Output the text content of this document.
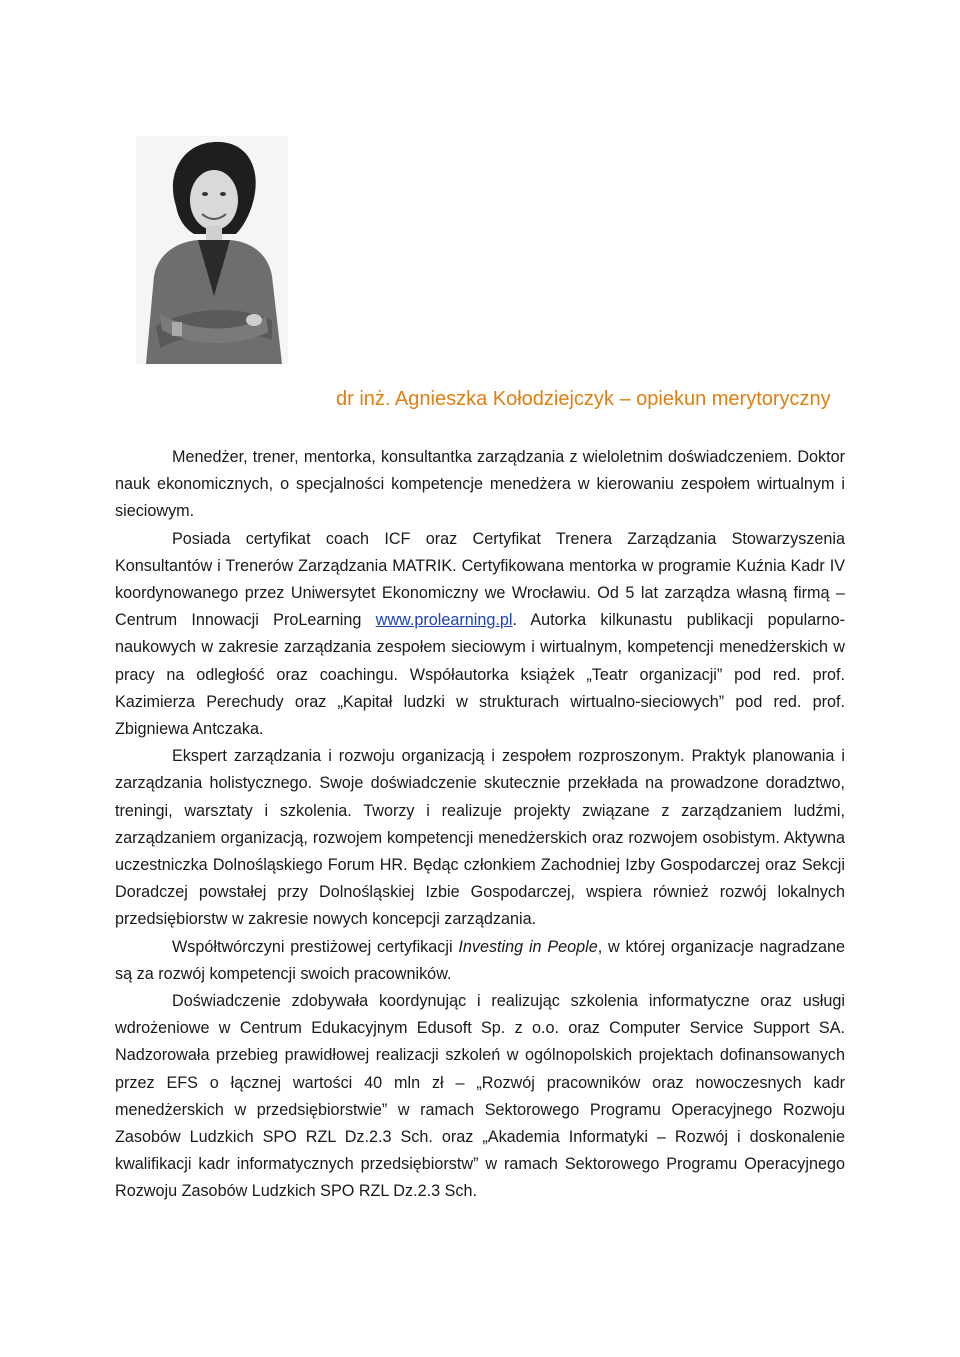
dr inż. Agnieszka Kołodziejczyk – opiekun merytoryczny

Menedżer, trener, mentorka, konsultantka zarządzania z wieloletnim doświadczeniem. Doktor nauk ekonomicznych, o specjalności kompetencje menedżera w kierowaniu zespołem wirtualnym i sieciowym.

Posiada certyfikat coach ICF oraz Certyfikat Trenera Zarządzania Stowarzyszenia Konsultantów i Trenerów Zarządzania MATRIK. Certyfikowana mentorka w programie Kuźnia Kadr IV koordynowanego przez Uniwersytet Ekonomiczny we Wrocławiu. Od 5 lat zarządza własną firmą – Centrum Innowacji ProLearning www.prolearning.pl. Autorka kilkunastu publikacji popularno-naukowych w zakresie zarządzania zespołem sieciowym i wirtualnym, kompetencji menedżerskich w pracy na odległość oraz coachingu. Współautorka książek „Teatr organizacji” pod red. prof. Kazimierza Perechudy oraz „Kapitał ludzki w strukturach wirtualno-sieciowych” pod red. prof. Zbigniewa Antczaka.

Ekspert zarządzania i rozwoju organizacją i zespołem rozproszonym. Praktyk planowania i zarządzania holistycznego. Swoje doświadczenie skutecznie przekłada na prowadzone doradztwo, treningi, warsztaty i szkolenia. Tworzy i realizuje projekty związane z zarządzaniem ludźmi, zarządzaniem organizacją, rozwojem kompetencji menedżerskich oraz rozwojem osobistym. Aktywna uczestniczka Dolnośląskiego Forum HR. Będąc członkiem Zachodniej Izby Gospodarczej oraz Sekcji Doradczej powstałej przy Dolnośląskiej Izbie Gospodarczej, wspiera również rozwój lokalnych przedsiębiorstw w zakresie nowych koncepcji zarządzania.

Współtwórczyni prestiżowej certyfikacji Investing in People, w której organizacje nagradzane są za rozwój kompetencji swoich pracowników.

Doświadczenie zdobywała koordynując i realizując szkolenia informatyczne oraz usługi wdrożeniowe w Centrum Edukacyjnym Edusoft Sp. z o.o. oraz Computer Service Support SA. Nadzorowała przebieg prawidłowej realizacji szkoleń w ogólnopolskich projektach dofinansowanych przez EFS o łącznej wartości 40 mln zł – „Rozwój pracowników oraz nowoczesnych kadr menedżerskich w przedsiębiorstwie” w ramach Sektorowego Programu Operacyjnego Rozwoju Zasobów Ludzkich SPO RZL Dz.2.3 Sch. oraz „Akademia Informatyki – Rozwój i doskonalenie kwalifikacji kadr informatycznych przedsiębiorstw” w ramach Sektorowego Programu Operacyjnego Rozwoju Zasobów Ludzkich SPO RZL Dz.2.3 Sch.
